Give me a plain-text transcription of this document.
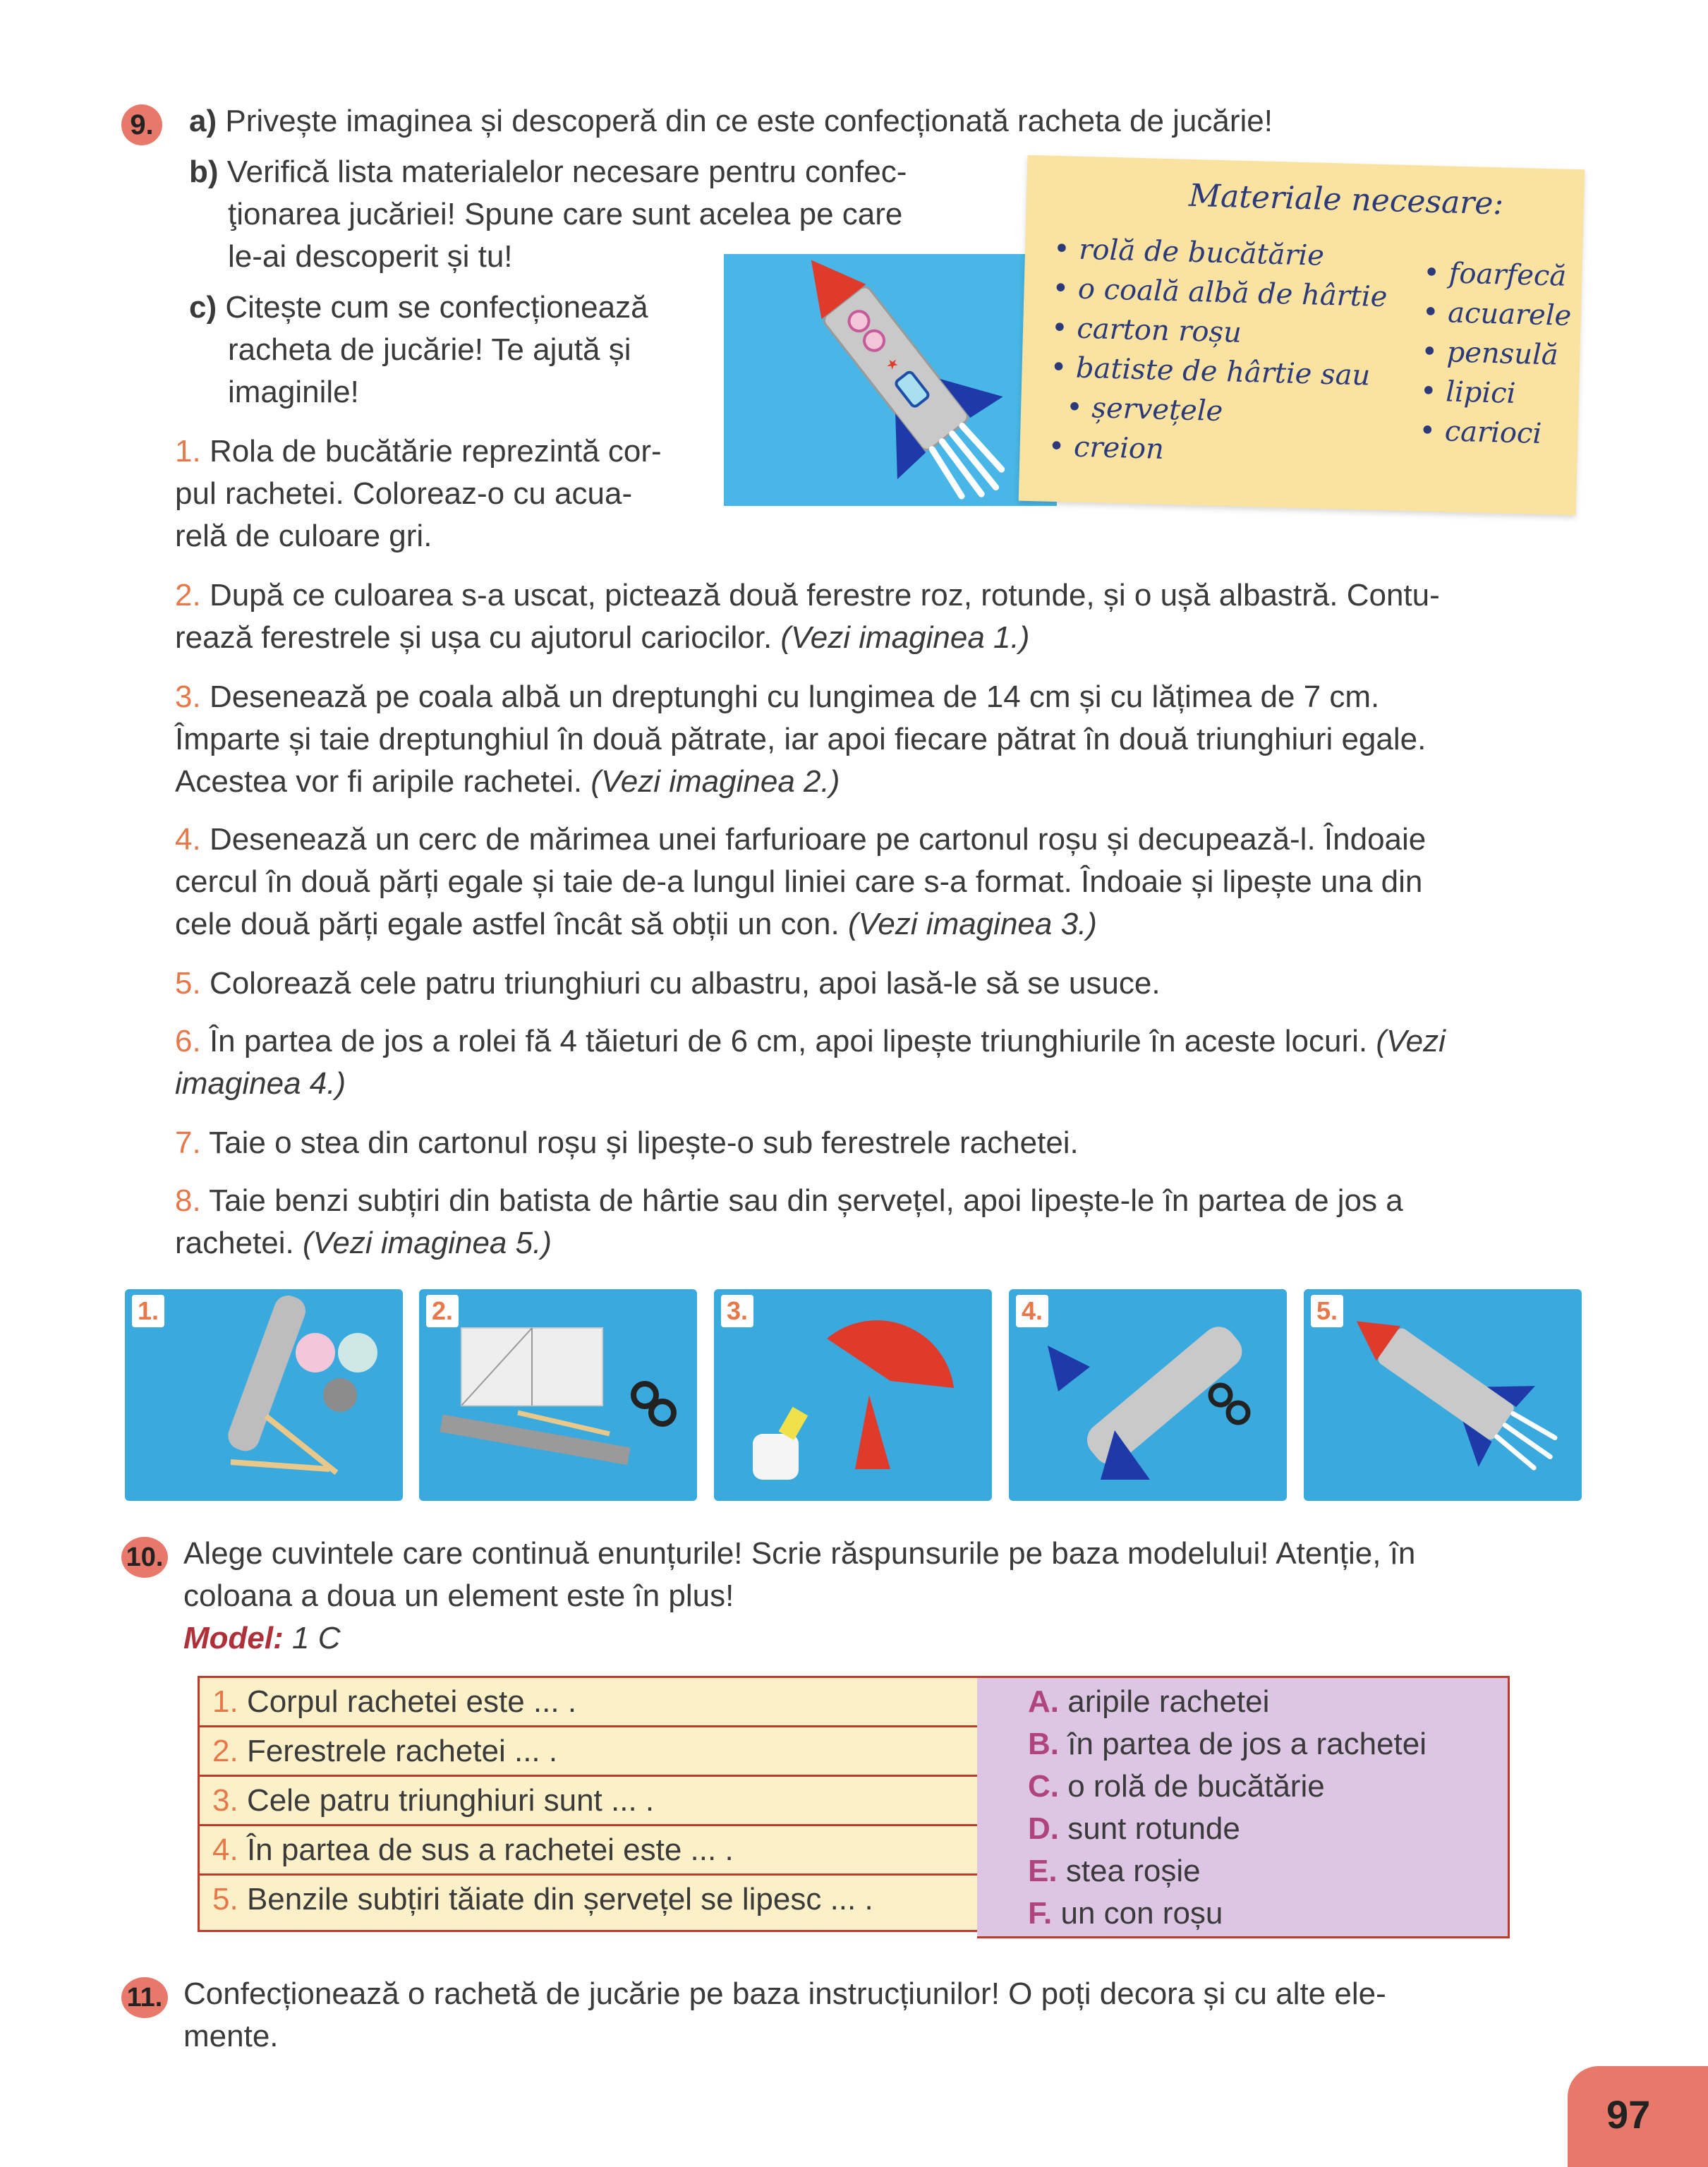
9. a) Privește imaginea și descoperă din ce este confecționată racheta de jucărie!
b) Verifică lista materialelor necesare pentru confec-
ţionarea jucăriei! Spune care sunt acelea pe care
le-ai descoperit și tu!
c) Citește cum se confecționează
racheta de jucărie! Te ajută și
imaginile!
1. Rola de bucătărie reprezintă cor-
pul rachetei. Coloreaz-o cu acua-
relă de culoare gri.
Materiale necesare:
• rolă de bucătărie
• o coală albă de hârtie
• carton roșu
• batiste de hârtie sau
• șervețele
• creion
• foarfecă
• acuarele
• pensulă
• lipici
• carioci
2. După ce culoarea s-a uscat, pictează două ferestre roz, rotunde, și o ușă albastră. Contu-
rează ferestrele și ușa cu ajutorul cariocilor. (Vezi imaginea 1.)
3. Desenează pe coala albă un dreptunghi cu lungimea de 14 cm și cu lățimea de 7 cm.
Împarte și taie dreptunghiul în două pătrate, iar apoi fiecare pătrat în două triunghiuri egale.
Acestea vor fi aripile rachetei. (Vezi imaginea 2.)
4. Desenează un cerc de mărimea unei farfurioare pe cartonul roșu și decupează-l. Îndoaie
cercul în două părți egale și taie de-a lungul liniei care s-a format. Îndoaie și lipește una din
cele două părți egale astfel încât să obții un con. (Vezi imaginea 3.)
5. Colorează cele patru triunghiuri cu albastru, apoi lasă-le să se usuce.
6. În partea de jos a rolei fă 4 tăieturi de 6 cm, apoi lipește triunghiurile în aceste locuri. (Vezi
imaginea 4.)
7. Taie o stea din cartonul roșu și lipește-o sub ferestrele rachetei.
8. Taie benzi subțiri din batista de hârtie sau din șervețel, apoi lipește-le în partea de jos a
rachetei. (Vezi imaginea 5.)
1.	2.	3.	4.	5.
10. Alege cuvintele care continuă enunțurile! Scrie răspunsurile pe baza modelului! Atenție, în
coloana a doua un element este în plus!
Model: 1 C
1. Corpul rachetei este ... .
2. Ferestrele rachetei ... .
3. Cele patru triunghiuri sunt ... .
4. În partea de sus a rachetei este ... .
5. Benzile subțiri tăiate din șervețel se lipesc ... .
A. aripile rachetei
B. în partea de jos a rachetei
C. o rolă de bucătărie
D. sunt rotunde
E. stea roșie
F. un con roșu
11. Confecționează o rachetă de jucărie pe baza instrucțiunilor! O poți decora și cu alte ele-
mente.
97
